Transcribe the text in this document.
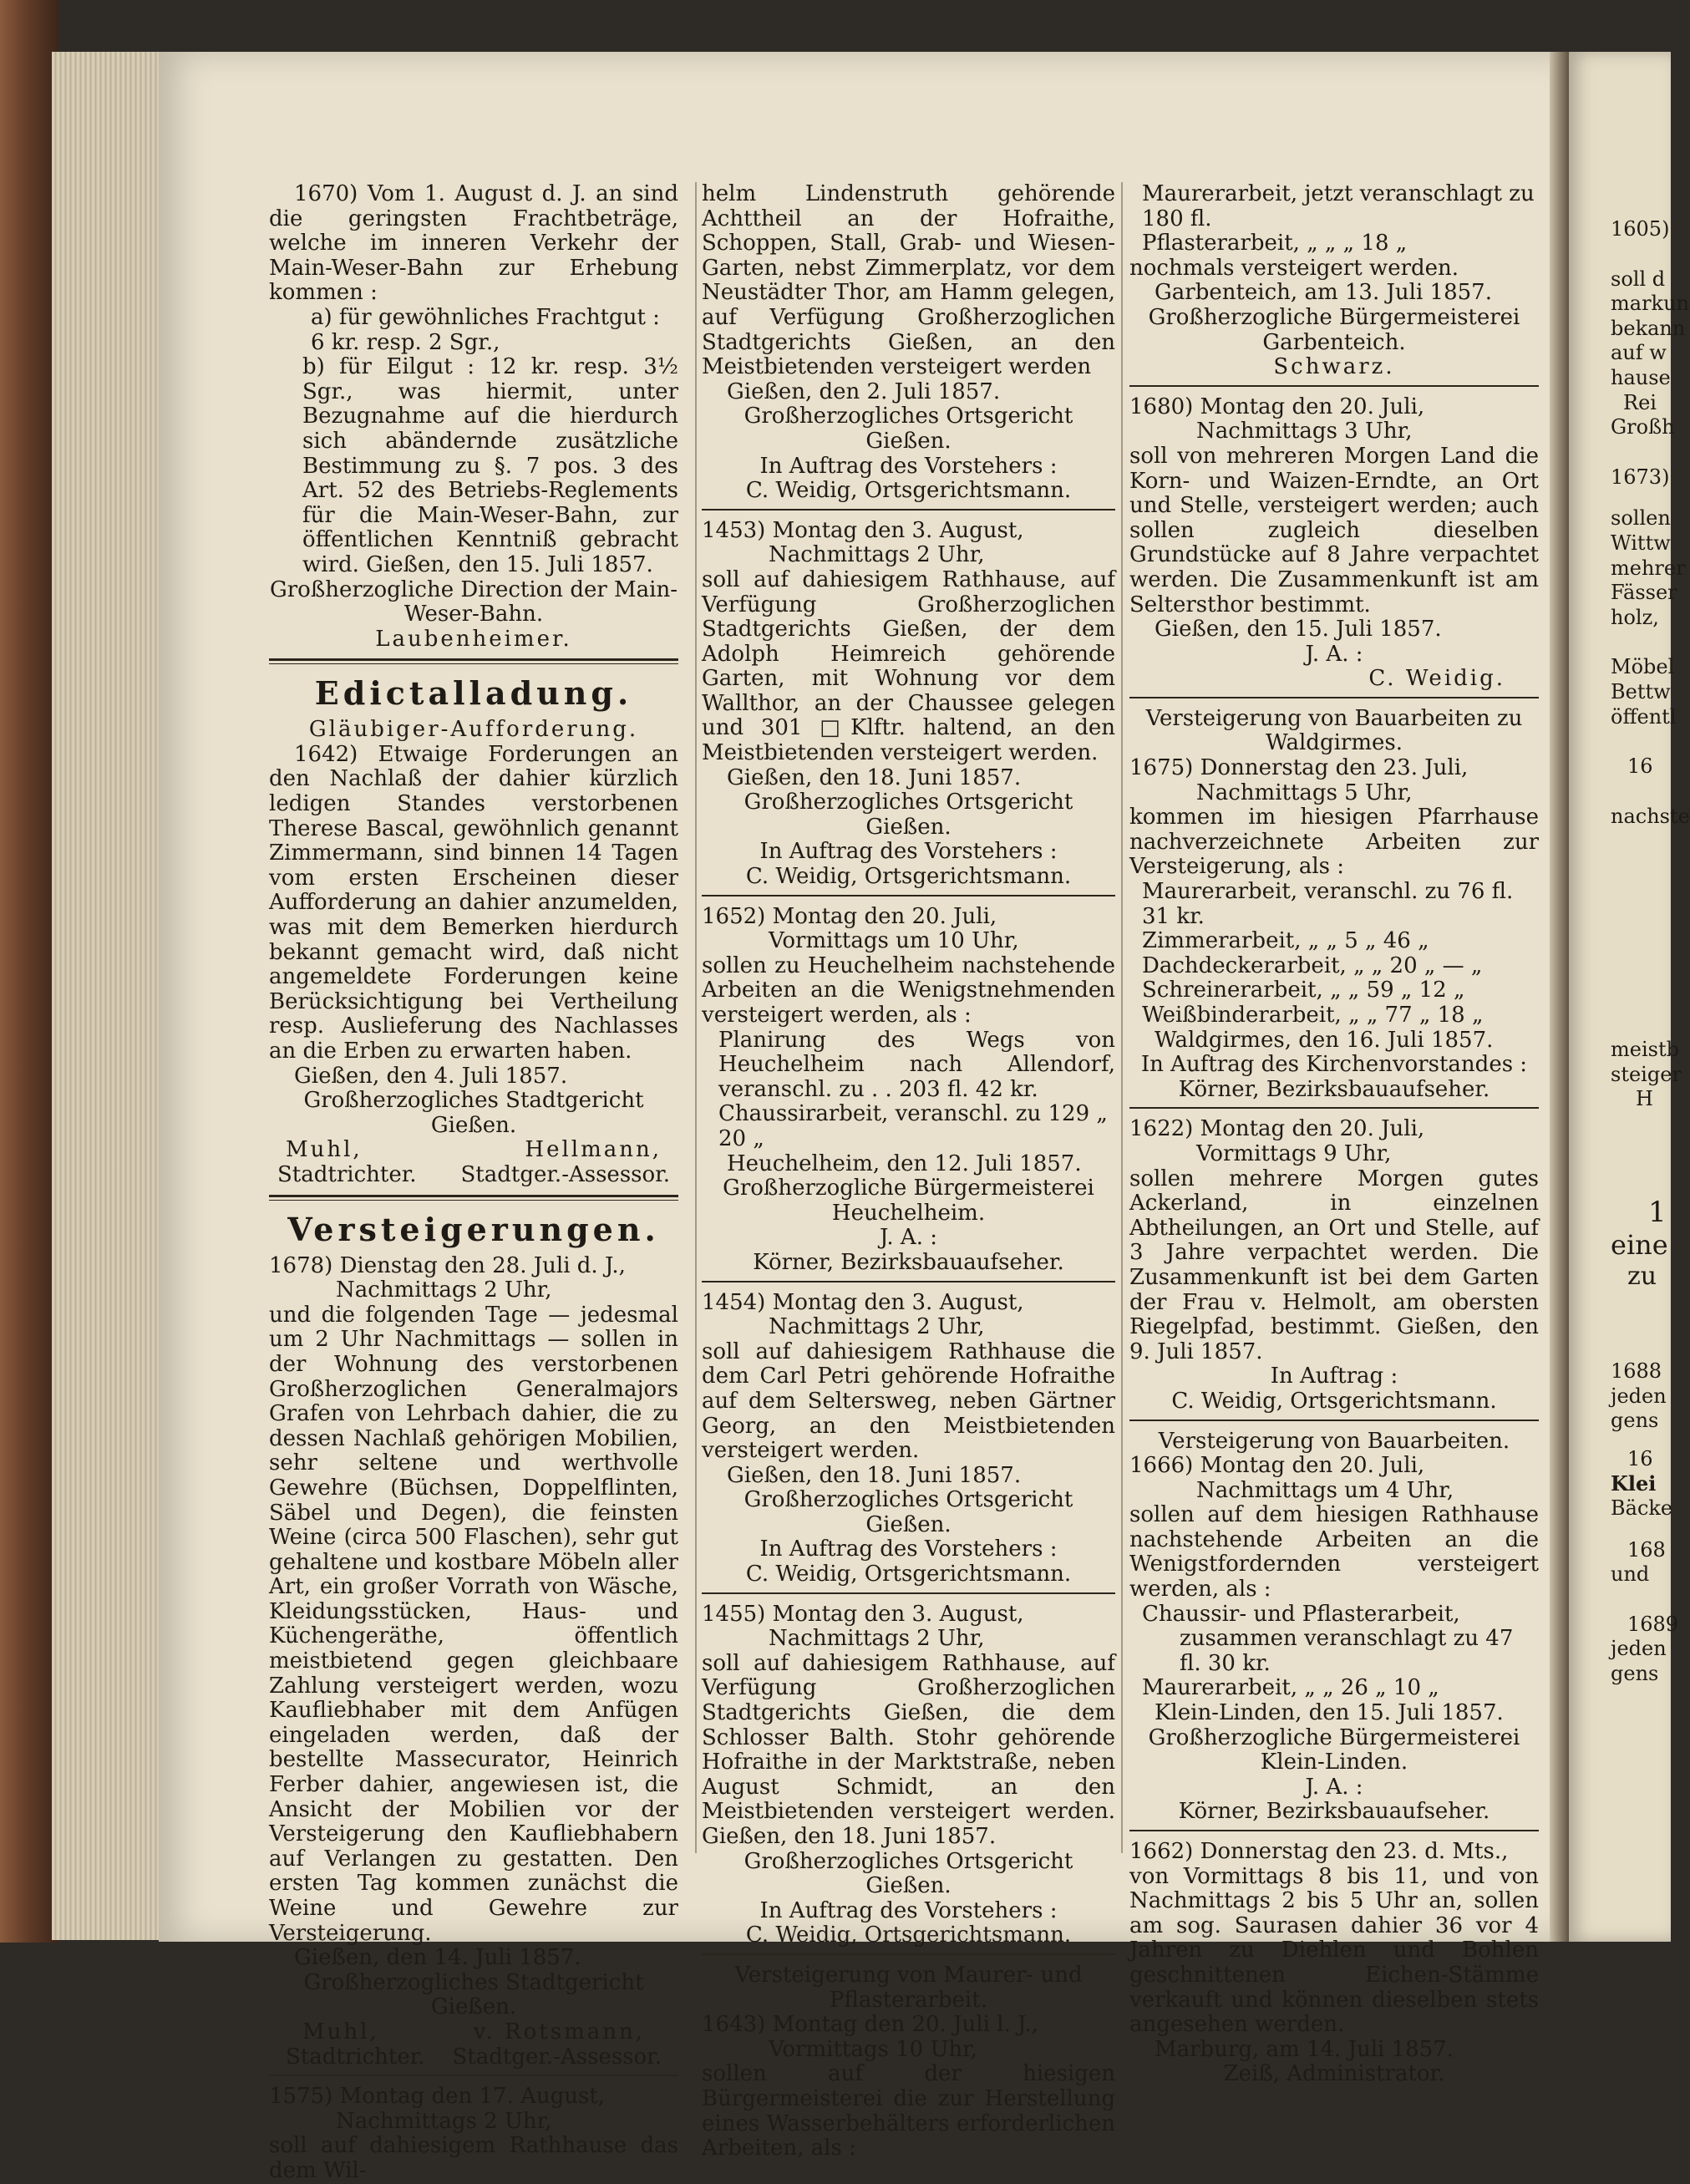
1670) Vom 1. August d. J. an sind die geringsten Frachtbeträge, welche im inneren Verkehr der Main-Weser-Bahn zur Erhebung kommen :

a) für gewöhnliches Frachtgut : 6 kr. resp. 2 Sgr.,

b) für Eilgut : 12 kr. resp. 3½ Sgr., was hiermit, unter Bezugnahme auf die hierdurch sich abändernde zusätzliche Bestimmung zu §. 7 pos. 3 des Art. 52 des Betriebs-Reglements für die Main-Weser-Bahn, zur öffentlichen Kenntniß gebracht wird. Gießen, den 15. Juli 1857.

Großherzogliche Direction der Main-Weser-Bahn.

Laubenheimer.

Edictalladung.

Gläubiger-Aufforderung.

1642) Etwaige Forderungen an den Nachlaß der dahier kürzlich ledigen Standes verstorbenen Therese Bascal, gewöhnlich genannt Zimmermann, sind binnen 14 Tagen vom ersten Erscheinen dieser Aufforderung an dahier anzumelden, was mit dem Bemerken hierdurch bekannt gemacht wird, daß nicht angemeldete Forderungen keine Berücksichtigung bei Vertheilung resp. Auslieferung des Nachlasses an die Erben zu erwarten haben.

Gießen, den 4. Juli 1857.

Großherzogliches Stadtgericht Gießen.

Muhl,	Hellmann,
Stadtrichter. Stadtger.-Assessor.
Versteigerungen.

1678) Dienstag den 28. Juli d. J.,

Nachmittags 2 Uhr,

und die folgenden Tage — jedesmal um 2 Uhr Nachmittags — sollen in der Wohnung des verstorbenen Großherzoglichen Generalmajors Grafen von Lehrbach dahier, die zu dessen Nachlaß gehörigen Mobilien, sehr seltene und werthvolle Gewehre (Büchsen, Doppelflinten, Säbel und Degen), die feinsten Weine (circa 500 Flaschen), sehr gut gehaltene und kostbare Möbeln aller Art, ein großer Vorrath von Wäsche, Kleidungsstücken, Haus- und Küchengeräthe, öffentlich meistbietend gegen gleichbaare Zahlung versteigert werden, wozu Kaufliebhaber mit dem Anfügen eingeladen werden, daß der bestellte Massecurator, Heinrich Ferber dahier, angewiesen ist, die Ansicht der Mobilien vor der Versteigerung den Kaufliebhabern auf Verlangen zu gestatten. Den ersten Tag kommen zunächst die Weine und Gewehre zur Versteigerung.

Gießen, den 14. Juli 1857.

Großherzogliches Stadtgericht Gießen.

Muhl,	v. Rotsmann,
Stadtrichter. Stadtger.-Assessor.

1575) Montag den 17. August,

Nachmittags 2 Uhr,

soll auf dahiesigem Rathhause das dem Wil-

helm Lindenstruth gehörende Achttheil an der Hofraithe, Schoppen, Stall, Grab- und Wiesen-Garten, nebst Zimmerplatz, vor dem Neustädter Thor, am Hamm gelegen, auf Verfügung Großherzoglichen Stadtgerichts Gießen, an den Meistbietenden versteigert werden

Gießen, den 2. Juli 1857.

Großherzogliches Ortsgericht Gießen.

In Auftrag des Vorstehers :

C. Weidig, Ortsgerichtsmann.

1453) Montag den 3. August,

Nachmittags 2 Uhr,

soll auf dahiesigem Rathhause, auf Verfügung Großherzoglichen Stadtgerichts Gießen, der dem Adolph Heimreich gehörende Garten, mit Wohnung vor dem Wallthor, an der Chaussee gelegen und 301 □Klftr. haltend, an den Meistbietenden versteigert werden.

Gießen, den 18. Juni 1857.

Großherzogliches Ortsgericht Gießen.

In Auftrag des Vorstehers :

C. Weidig, Ortsgerichtsmann.

1652) Montag den 20. Juli,

Vormittags um 10 Uhr,

sollen zu Heuchelheim nachstehende Arbeiten an die Wenigstnehmenden versteigert werden, als :

Planirung des Wegs von Heuchelheim nach Allendorf, veranschl. zu . . 203 fl. 42 kr.

Chaussirarbeit, veranschl. zu 129 „ 20 „

Heuchelheim, den 12. Juli 1857.

Großherzogliche Bürgermeisterei Heuchelheim.

J. A. :

Körner, Bezirksbauaufseher.

1454) Montag den 3. August,

Nachmittags 2 Uhr,

soll auf dahiesigem Rathhause die dem Carl Petri gehörende Hofraithe auf dem Seltersweg, neben Gärtner Georg, an den Meistbietenden versteigert werden.

Gießen, den 18. Juni 1857.

Großherzogliches Ortsgericht Gießen.

In Auftrag des Vorstehers :

C. Weidig, Ortsgerichtsmann.

1455) Montag den 3. August,

Nachmittags 2 Uhr,

soll auf dahiesigem Rathhause, auf Verfügung Großherzoglichen Stadtgerichts Gießen, die dem Schlosser Balth. Stohr gehörende Hofraithe in der Marktstraße, neben August Schmidt, an den Meistbietenden versteigert werden. Gießen, den 18. Juni 1857.

Großherzogliches Ortsgericht Gießen.

In Auftrag des Vorstehers :

C. Weidig, Ortsgerichtsmann.

Versteigerung von Maurer- und Pflasterarbeit.

1643) Montag den 20. Juli l. J.,

Vormittags 10 Uhr,

sollen auf der hiesigen Bürgermeisterei die zur Herstellung eines Wasserbehälters erforderlichen Arbeiten, als :

Maurerarbeit, jetzt veranschlagt zu 180 fl.

Pflasterarbeit, „ „ „ 18 „

nochmals versteigert werden.

Garbenteich, am 13. Juli 1857.

Großherzogliche Bürgermeisterei Garbenteich.

Schwarz.

1680) Montag den 20. Juli,

Nachmittags 3 Uhr,

soll von mehreren Morgen Land die Korn- und Waizen-Erndte, an Ort und Stelle, versteigert werden; auch sollen zugleich dieselben Grundstücke auf 8 Jahre verpachtet werden. Die Zusammenkunft ist am Seltersthor bestimmt.

Gießen, den 15. Juli 1857.

J. A. :

C. Weidig.

Versteigerung von Bauarbeiten zu Waldgirmes.

1675) Donnerstag den 23. Juli,

Nachmittags 5 Uhr,

kommen im hiesigen Pfarrhause nachverzeichnete Arbeiten zur Versteigerung, als :

Maurerarbeit, veranschl. zu 76 fl. 31 kr.

Zimmerarbeit, „ „ 5 „ 46 „

Dachdeckerarbeit, „ „ 20 „ — „

Schreinerarbeit, „ „ 59 „ 12 „

Weißbinderarbeit, „ „ 77 „ 18 „

Waldgirmes, den 16. Juli 1857.

In Auftrag des Kirchenvorstandes :

Körner, Bezirksbauaufseher.

1622) Montag den 20. Juli,

Vormittags 9 Uhr,

sollen mehrere Morgen gutes Ackerland, in einzelnen Abtheilungen, an Ort und Stelle, auf 3 Jahre verpachtet werden. Die Zusammenkunft ist bei dem Garten der Frau v. Helmolt, am obersten Riegelpfad, bestimmt. Gießen, den 9. Juli 1857.

In Auftrag :

C. Weidig, Ortsgerichtsmann.

Versteigerung von Bauarbeiten.

1666) Montag den 20. Juli,

Nachmittags um 4 Uhr,

sollen auf dem hiesigen Rathhause nachstehende Arbeiten an die Wenigstfordernden versteigert werden, als :

Chaussir- und Pflasterarbeit,

zusammen veranschlagt zu 47 fl. 30 kr.

Maurerarbeit, „ „ 26 „ 10 „

Klein-Linden, den 15. Juli 1857.

Großherzogliche Bürgermeisterei Klein-Linden.

J. A. :

Körner, Bezirksbauaufseher.

1662) Donnerstag den 23. d. Mts.,

von Vormittags 8 bis 11, und von Nachmittags 2 bis 5 Uhr an, sollen am sog. Saurasen dahier 36 vor 4 Jahren zu Diehlen und Bohlen geschnittenen Eichen-Stämme verkauft und können dieselben stets angesehen werden.

Marburg, am 14. Juli 1857.

Zeiß, Administrator.

1605)
soll d
markun
bekann
auf w
hause
Rei
Großh
1673)
sollen
Wittw
mehrer
Fässer
holz,
Möbel
Bettw
öffentl
16
nachste
meistb
steiger
H
1
eine
zu
1688
jeden
gens
16
Klei
Bäcke
168
und
1689
jeden
gens
